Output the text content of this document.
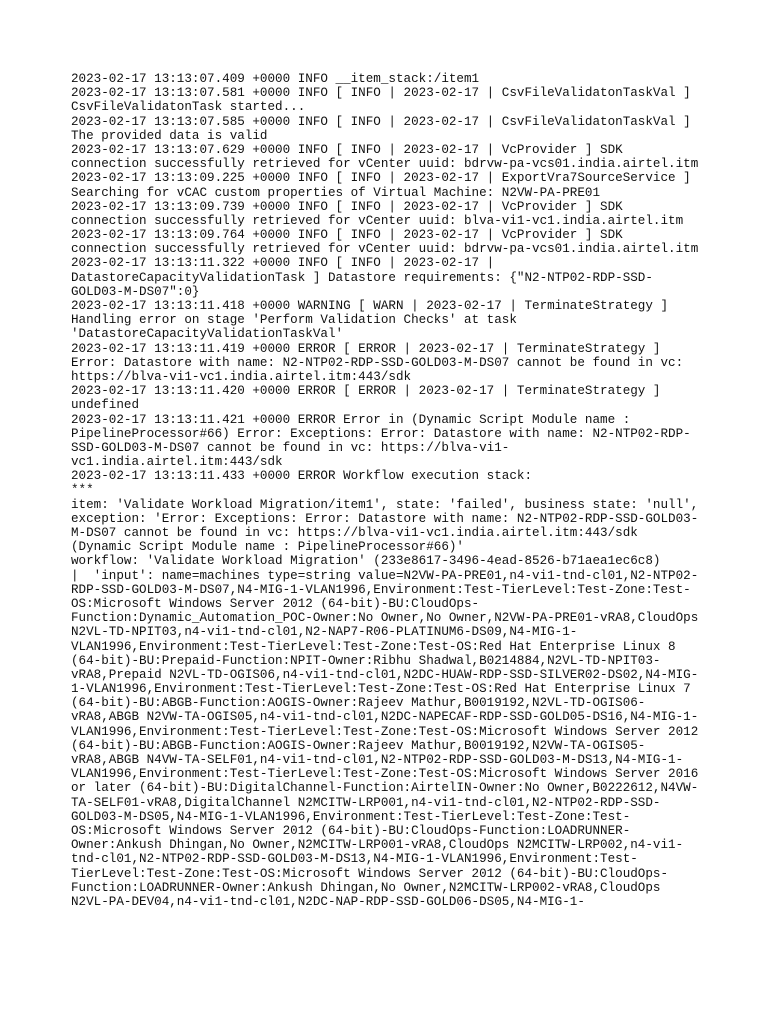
2023-02-17 13:13:07.409 +0000 INFO __item_stack:/item1
2023-02-17 13:13:07.581 +0000 INFO [ INFO | 2023-02-17 | CsvFileValidatonTaskVal ]
CsvFileValidatonTask started...
2023-02-17 13:13:07.585 +0000 INFO [ INFO | 2023-02-17 | CsvFileValidatonTaskVal ]
The provided data is valid
2023-02-17 13:13:07.629 +0000 INFO [ INFO | 2023-02-17 | VcProvider ] SDK
connection successfully retrieved for vCenter uuid: bdrvw-pa-vcs01.india.airtel.itm
2023-02-17 13:13:09.225 +0000 INFO [ INFO | 2023-02-17 | ExportVra7SourceService ]
Searching for vCAC custom properties of Virtual Machine: N2VW-PA-PRE01
2023-02-17 13:13:09.739 +0000 INFO [ INFO | 2023-02-17 | VcProvider ] SDK
connection successfully retrieved for vCenter uuid: blva-vi1-vc1.india.airtel.itm
2023-02-17 13:13:09.764 +0000 INFO [ INFO | 2023-02-17 | VcProvider ] SDK
connection successfully retrieved for vCenter uuid: bdrvw-pa-vcs01.india.airtel.itm
2023-02-17 13:13:11.322 +0000 INFO [ INFO | 2023-02-17 |
DatastoreCapacityValidationTask ] Datastore requirements: {"N2-NTP02-RDP-SSD-
GOLD03-M-DS07":0}
2023-02-17 13:13:11.418 +0000 WARNING [ WARN | 2023-02-17 | TerminateStrategy ]
Handling error on stage 'Perform Validation Checks' at task
'DatastoreCapacityValidationTaskVal'
2023-02-17 13:13:11.419 +0000 ERROR [ ERROR | 2023-02-17 | TerminateStrategy ]
Error: Datastore with name: N2-NTP02-RDP-SSD-GOLD03-M-DS07 cannot be found in vc:
https://blva-vi1-vc1.india.airtel.itm:443/sdk
2023-02-17 13:13:11.420 +0000 ERROR [ ERROR | 2023-02-17 | TerminateStrategy ]
undefined
2023-02-17 13:13:11.421 +0000 ERROR Error in (Dynamic Script Module name :
PipelineProcessor#66) Error: Exceptions: Error: Datastore with name: N2-NTP02-RDP-
SSD-GOLD03-M-DS07 cannot be found in vc: https://blva-vi1-
vc1.india.airtel.itm:443/sdk
2023-02-17 13:13:11.433 +0000 ERROR Workflow execution stack:
***
item: 'Validate Workload Migration/item1', state: 'failed', business state: 'null',
exception: 'Error: Exceptions: Error: Datastore with name: N2-NTP02-RDP-SSD-GOLD03-
M-DS07 cannot be found in vc: https://blva-vi1-vc1.india.airtel.itm:443/sdk
(Dynamic Script Module name : PipelineProcessor#66)'
workflow: 'Validate Workload Migration' (233e8617-3496-4ead-8526-b71aea1ec6c8)
|  'input': name=machines type=string value=N2VW-PA-PRE01,n4-vi1-tnd-cl01,N2-NTP02-
RDP-SSD-GOLD03-M-DS07,N4-MIG-1-VLAN1996,Environment:Test-TierLevel:Test-Zone:Test-
OS:Microsoft Windows Server 2012 (64-bit)-BU:CloudOps-
Function:Dynamic_Automation_POC-Owner:No Owner,No Owner,N2VW-PA-PRE01-vRA8,CloudOps
N2VL-TD-NPIT03,n4-vi1-tnd-cl01,N2-NAP7-R06-PLATINUM6-DS09,N4-MIG-1-
VLAN1996,Environment:Test-TierLevel:Test-Zone:Test-OS:Red Hat Enterprise Linux 8
(64-bit)-BU:Prepaid-Function:NPIT-Owner:Ribhu Shadwal,B0214884,N2VL-TD-NPIT03-
vRA8,Prepaid N2VL-TD-OGIS06,n4-vi1-tnd-cl01,N2DC-HUAW-RDP-SSD-SILVER02-DS02,N4-MIG-
1-VLAN1996,Environment:Test-TierLevel:Test-Zone:Test-OS:Red Hat Enterprise Linux 7
(64-bit)-BU:ABGB-Function:AOGIS-Owner:Rajeev Mathur,B0019192,N2VL-TD-OGIS06-
vRA8,ABGB N2VW-TA-OGIS05,n4-vi1-tnd-cl01,N2DC-NAPECAF-RDP-SSD-GOLD05-DS16,N4-MIG-1-
VLAN1996,Environment:Test-TierLevel:Test-Zone:Test-OS:Microsoft Windows Server 2012
(64-bit)-BU:ABGB-Function:AOGIS-Owner:Rajeev Mathur,B0019192,N2VW-TA-OGIS05-
vRA8,ABGB N4VW-TA-SELF01,n4-vi1-tnd-cl01,N2-NTP02-RDP-SSD-GOLD03-M-DS13,N4-MIG-1-
VLAN1996,Environment:Test-TierLevel:Test-Zone:Test-OS:Microsoft Windows Server 2016
or later (64-bit)-BU:DigitalChannel-Function:AirtelIN-Owner:No Owner,B0222612,N4VW-
TA-SELF01-vRA8,DigitalChannel N2MCITW-LRP001,n4-vi1-tnd-cl01,N2-NTP02-RDP-SSD-
GOLD03-M-DS05,N4-MIG-1-VLAN1996,Environment:Test-TierLevel:Test-Zone:Test-
OS:Microsoft Windows Server 2012 (64-bit)-BU:CloudOps-Function:LOADRUNNER-
Owner:Ankush Dhingan,No Owner,N2MCITW-LRP001-vRA8,CloudOps N2MCITW-LRP002,n4-vi1-
tnd-cl01,N2-NTP02-RDP-SSD-GOLD03-M-DS13,N4-MIG-1-VLAN1996,Environment:Test-
TierLevel:Test-Zone:Test-OS:Microsoft Windows Server 2012 (64-bit)-BU:CloudOps-
Function:LOADRUNNER-Owner:Ankush Dhingan,No Owner,N2MCITW-LRP002-vRA8,CloudOps
N2VL-PA-DEV04,n4-vi1-tnd-cl01,N2DC-NAP-RDP-SSD-GOLD06-DS05,N4-MIG-1-
